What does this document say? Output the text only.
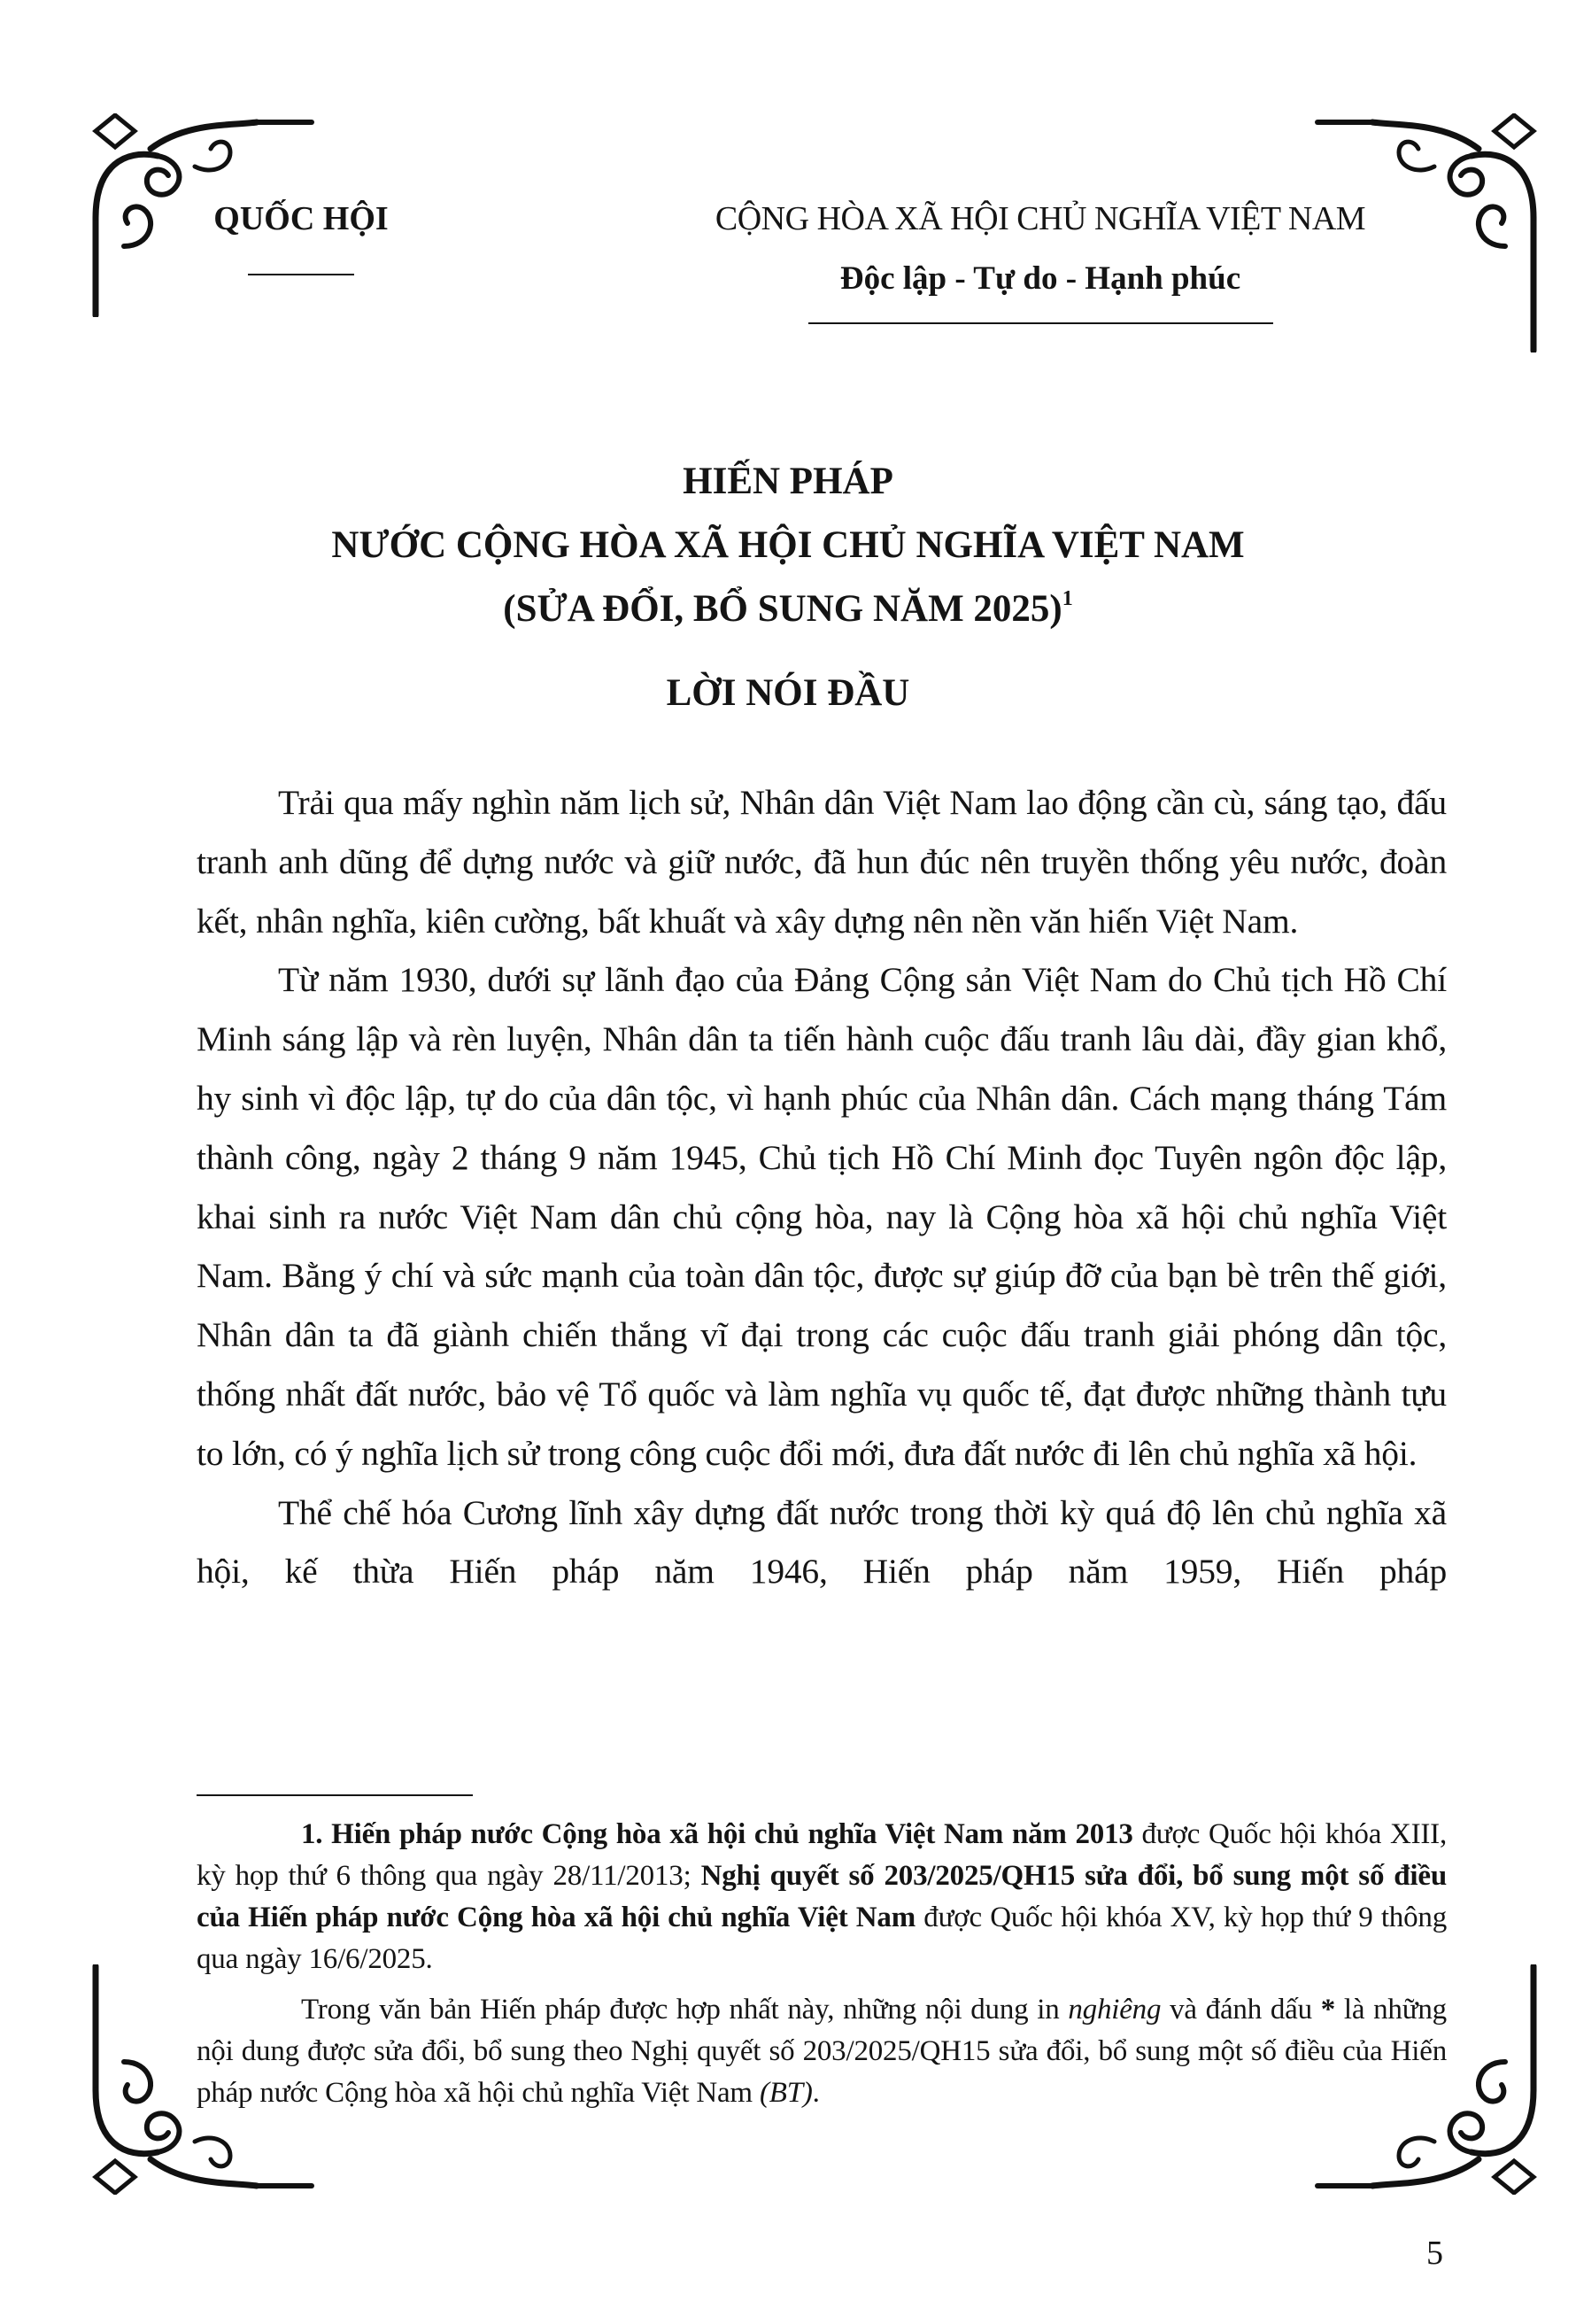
QUỐC HỘI	CỘNG HÒA XÃ HỘI CHỦ NGHĨA VIỆT NAM
Độc lập - Tự do - Hạnh phúc
HIẾN PHÁP
NƯỚC CỘNG HÒA XÃ HỘI CHỦ NGHĨA VIỆT NAM
(SỬA ĐỔI, BỔ SUNG NĂM 2025)$^1$
LỜI NÓI ĐẦU

Trải qua mấy nghìn năm lịch sử, Nhân dân Việt Nam lao động cần cù, sáng tạo, đấu tranh anh dũng để dựng nước và giữ nước, đã hun đúc nên truyền thống yêu nước, đoàn kết, nhân nghĩa, kiên cường, bất khuất và xây dựng nên nền văn hiến Việt Nam.

Từ năm 1930, dưới sự lãnh đạo của Đảng Cộng sản Việt Nam do Chủ tịch Hồ Chí Minh sáng lập và rèn luyện, Nhân dân ta tiến hành cuộc đấu tranh lâu dài, đầy gian khổ, hy sinh vì độc lập, tự do của dân tộc, vì hạnh phúc của Nhân dân. Cách mạng tháng Tám thành công, ngày 2 tháng 9 năm 1945, Chủ tịch Hồ Chí Minh đọc Tuyên ngôn độc lập, khai sinh ra nước Việt Nam dân chủ cộng hòa, nay là Cộng hòa xã hội chủ nghĩa Việt Nam. Bằng ý chí và sức mạnh của toàn dân tộc, được sự giúp đỡ của bạn bè trên thế giới, Nhân dân ta đã giành chiến thắng vĩ đại trong các cuộc đấu tranh giải phóng dân tộc, thống nhất đất nước, bảo vệ Tổ quốc và làm nghĩa vụ quốc tế, đạt được những thành tựu to lớn, có ý nghĩa lịch sử trong công cuộc đổi mới, đưa đất nước đi lên chủ nghĩa xã hội.

Thể chế hóa Cương lĩnh xây dựng đất nước trong thời kỳ quá độ lên chủ nghĩa xã hội, kế thừa Hiến pháp năm 1946, Hiến pháp năm 1959, Hiến pháp

1. Hiến pháp nước Cộng hòa xã hội chủ nghĩa Việt Nam năm 2013 được Quốc hội khóa XIII, kỳ họp thứ 6 thông qua ngày 28/11/2013; Nghị quyết số 203/2025/QH15 sửa đổi, bổ sung một số điều của Hiến pháp nước Cộng hòa xã hội chủ nghĩa Việt Nam được Quốc hội khóa XV, kỳ họp thứ 9 thông qua ngày 16/6/2025.

Trong văn bản Hiến pháp được hợp nhất này, những nội dung in nghiêng và đánh dấu * là những nội dung được sửa đổi, bổ sung theo Nghị quyết số 203/2025/QH15 sửa đổi, bổ sung một số điều của Hiến pháp nước Cộng hòa xã hội chủ nghĩa Việt Nam (BT).

5
